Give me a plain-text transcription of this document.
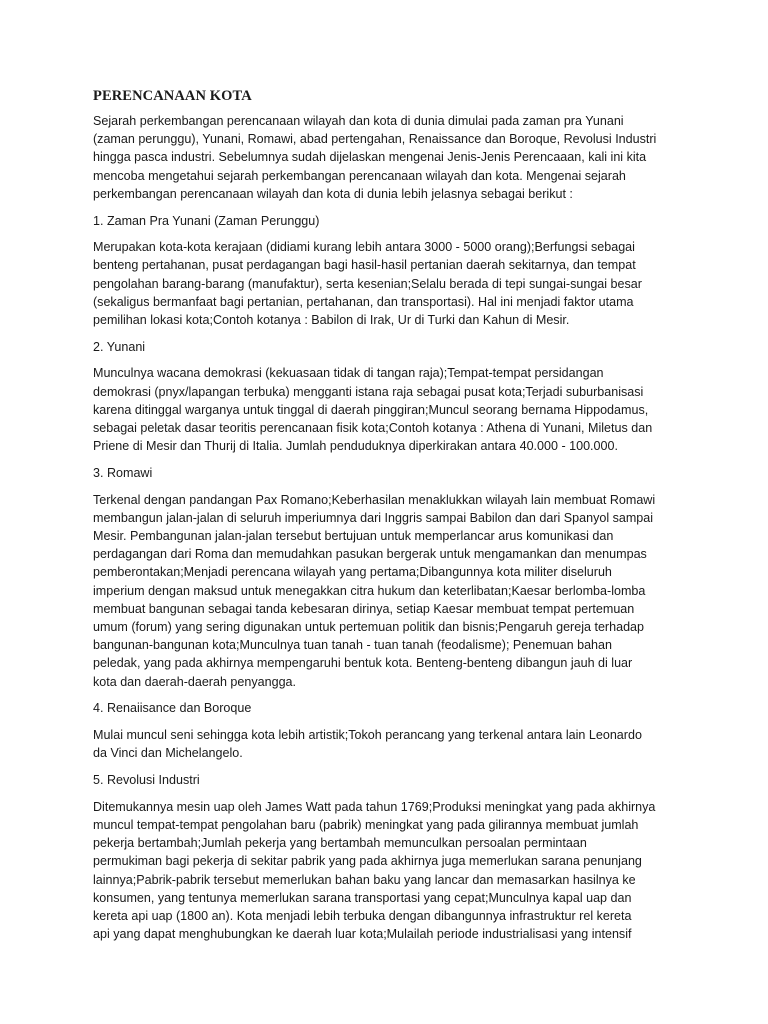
PERENCANAAN KOTA
Sejarah perkembangan perencanaan wilayah dan kota di dunia dimulai pada zaman pra Yunani
(zaman perunggu), Yunani, Romawi, abad pertengahan, Renaissance dan Boroque, Revolusi Industri
hingga pasca industri. Sebelumnya sudah dijelaskan mengenai Jenis-Jenis Perencaaan, kali ini kita
mencoba mengetahui sejarah perkembangan perencanaan wilayah dan kota. Mengenai sejarah
perkembangan perencanaan wilayah dan kota di dunia lebih jelasnya sebagai berikut :
1. Zaman Pra Yunani (Zaman Perunggu)
Merupakan kota-kota kerajaan (didiami kurang lebih antara 3000 - 5000 orang);Berfungsi sebagai
benteng pertahanan, pusat perdagangan bagi hasil-hasil pertanian daerah sekitarnya, dan tempat
pengolahan barang-barang (manufaktur), serta kesenian;Selalu berada di tepi sungai-sungai besar
(sekaligus bermanfaat bagi pertanian, pertahanan, dan transportasi). Hal ini menjadi faktor utama
pemilihan lokasi kota;Contoh kotanya : Babilon di Irak, Ur di Turki dan Kahun di Mesir.
2. Yunani
Munculnya wacana demokrasi (kekuasaan tidak di tangan raja);Tempat-tempat persidangan
demokrasi (pnyx/lapangan terbuka) mengganti istana raja sebagai pusat kota;Terjadi suburbanisasi
karena ditinggal warganya untuk tinggal di daerah pinggiran;Muncul seorang bernama Hippodamus,
sebagai peletak dasar teoritis perencanaan fisik kota;Contoh kotanya : Athena di Yunani, Miletus dan
Priene di Mesir dan Thurij di Italia. Jumlah penduduknya diperkirakan antara 40.000 - 100.000.
3. Romawi
Terkenal dengan pandangan Pax Romano;Keberhasilan menaklukkan wilayah lain membuat Romawi
membangun jalan-jalan di seluruh imperiumnya dari Inggris sampai Babilon dan dari Spanyol sampai
Mesir. Pembangunan jalan-jalan tersebut bertujuan untuk memperlancar arus komunikasi dan
perdagangan dari Roma dan memudahkan pasukan bergerak untuk mengamankan dan menumpas
pemberontakan;Menjadi perencana wilayah yang pertama;Dibangunnya kota militer diseluruh
imperium dengan maksud untuk menegakkan citra hukum dan keterlibatan;Kaesar berlomba-lomba
membuat bangunan sebagai tanda kebesaran dirinya, setiap Kaesar membuat tempat pertemuan
umum (forum) yang sering digunakan untuk pertemuan politik dan bisnis;Pengaruh gereja terhadap
bangunan-bangunan kota;Munculnya tuan tanah - tuan tanah (feodalisme); Penemuan bahan
peledak, yang pada akhirnya mempengaruhi bentuk kota. Benteng-benteng dibangun jauh di luar
kota dan daerah-daerah penyangga.
4. Renaiisance dan Boroque
Mulai muncul seni sehingga kota lebih artistik;Tokoh perancang yang terkenal antara lain Leonardo
da Vinci dan Michelangelo.
5. Revolusi Industri
Ditemukannya mesin uap oleh James Watt pada tahun 1769;Produksi meningkat yang pada akhirnya
muncul tempat-tempat pengolahan baru (pabrik) meningkat yang pada gilirannya membuat jumlah
pekerja bertambah;Jumlah pekerja yang bertambah memunculkan persoalan permintaan
permukiman bagi pekerja di sekitar pabrik yang pada akhirnya juga memerlukan sarana penunjang
lainnya;Pabrik-pabrik tersebut memerlukan bahan baku yang lancar dan memasarkan hasilnya ke
konsumen, yang tentunya memerlukan sarana transportasi yang cepat;Munculnya kapal uap dan
kereta api uap (1800 an). Kota menjadi lebih terbuka dengan dibangunnya infrastruktur rel kereta
api yang dapat menghubungkan ke daerah luar kota;Mulailah periode industrialisasi yang intensif
